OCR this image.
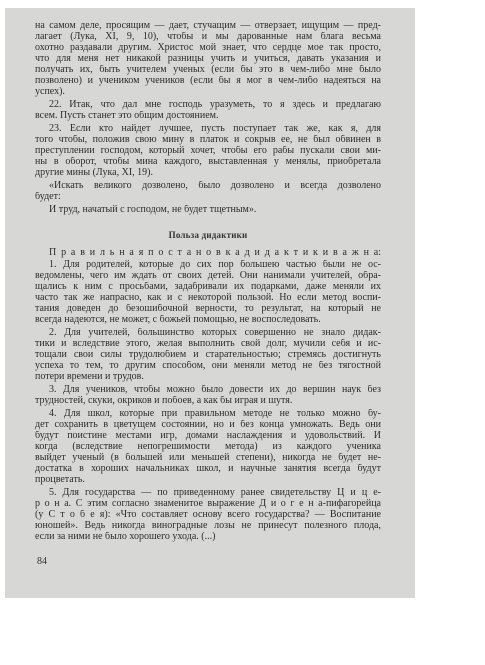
на самом деле, просящим — дает, стучащим — отверзает, ищущим — пред-
лагает (Лука, XI, 9, 10), чтобы и мы дарованные нам блага весьма
охотно раздавали другим. Христос мой знает, что сердце мое так просто,
что для меня нет никакой разницы учить и учиться, давать указания и
получать их, быть учителем ученых (если бы это в чем-либо мне было
позволено) и учеником учеников (если бы я мог в чем-либо надеяться на
успех).
22. Итак, что дал мне господь уразуметь, то я здесь и предлагаю
всем. Пусть станет это общим достоянием.
23. Если кто найдет лучшее, пусть поступает так же, как я, для
того чтобы, положив свою мину в платок и сокрыв ее, не был обвинен в
преступлении господом, который хочет, чтобы его рабы пускали свои ми-
ны в оборот, чтобы мина каждого, выставленная у менялы, приобретала
другие мины (Лука, XI, 19).
«Искать великого дозволено, было дозволено и всегда дозволено
будет:
И труд, начатый с господом, не будет тщетным».
Польза дидактики
П р а в и л ь н а я п о с т а н о в к а д и д а к т и к и в а ж н а:
1. Для родителей, которые до сих пор большею частью были не ос-
ведомлены, чего им ждать от своих детей. Они нанимали учителей, обра-
щались к ним с просьбами, задабривали их подарками, даже меняли их
часто так же напрасно, как и с некоторой пользой. Но если метод воспи-
тания доведен до безошибочной верности, то результат, на который не
всегда надеются, не может, с божьей помощью, не воспоследовать.
2. Для учителей, большинство которых совершенно не знало дидак-
тики и вследствие этого, желая выполнить свой долг, мучили себя и ис-
тощали свои силы трудолюбием и старательностью; стремясь достигнуть
успеха то тем, то другим способом, они меняли метод не без тягостной
потери времени и трудов.
3. Для учеников, чтобы можно было довести их до вершин наук без
трудностей, скуки, окриков и побоев, а как бы играя и шутя.
4. Для школ, которые при правильном методе не только можно бу-
дет сохранить в цветущем состоянии, но и без конца умножать. Ведь они
будут поистине местами игр, домами наслаждения и удовольствий. И
когда (вследствие непогрешимости метода) из каждого ученика
выйдет ученый (в большей или меньшей степени), никогда не будет не-
достатка в хороших начальниках школ, и научные занятия всегда будут
процветать.
5. Для государства — по приведенному ранее свидетельству Ц и ц е-
р о н а. С этим согласно знаменитое выражение Д и о г е н а-пифагорейца
(у С т о б е я): «Что составляет основу всего государства? — Воспитание
юношей». Ведь никогда виноградные лозы не принесут полезного плода,
если за ними не было хорошего ухода. (...)
84
